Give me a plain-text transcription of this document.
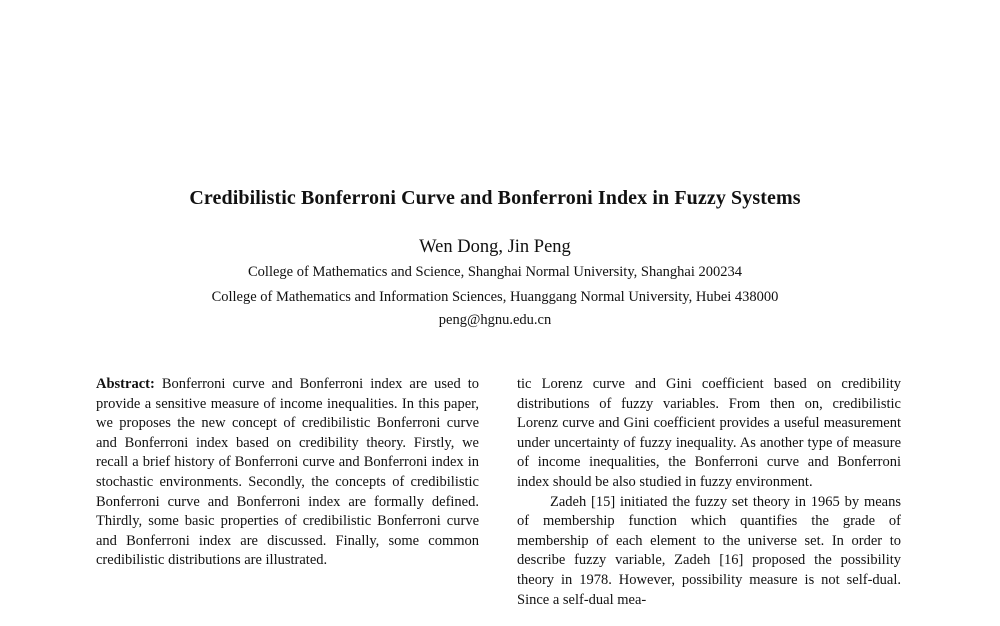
Credibilistic Bonferroni Curve and Bonferroni Index in Fuzzy Systems
Wen Dong, Jin Peng
College of Mathematics and Science, Shanghai Normal University, Shanghai 200234
College of Mathematics and Information Sciences, Huanggang Normal University, Hubei 438000
peng@hgnu.edu.cn

Abstract: Bonferroni curve and Bonferroni index are used to provide a sensitive measure of income inequalities. In this paper, we proposes the new concept of credibilistic Bonferroni curve and Bonferroni index based on credibility theory. Firstly, we recall a brief history of Bonferroni curve and Bonferroni index in stochastic environments. Secondly, the concepts of credibilistic Bonferroni curve and Bonferroni index are formally defined. Thirdly, some basic properties of credibilistic Bonferroni curve and Bonferroni index are discussed. Finally, some common credibilistic distributions are illustrated.

tic Lorenz curve and Gini coefficient based on credibility distributions of fuzzy variables. From then on, credibilistic Lorenz curve and Gini coefficient provides a useful measurement under uncertainty of fuzzy inequality. As another type of measure of income inequalities, the Bonferroni curve and Bonferroni index should be also studied in fuzzy environment.

Zadeh [15] initiated the fuzzy set theory in 1965 by means of membership function which quantifies the grade of membership of each element to the universe set. In order to describe fuzzy variable, Zadeh [16] proposed the possibility theory in 1978. However, possibility measure is not self-dual. Since a self-dual mea-
